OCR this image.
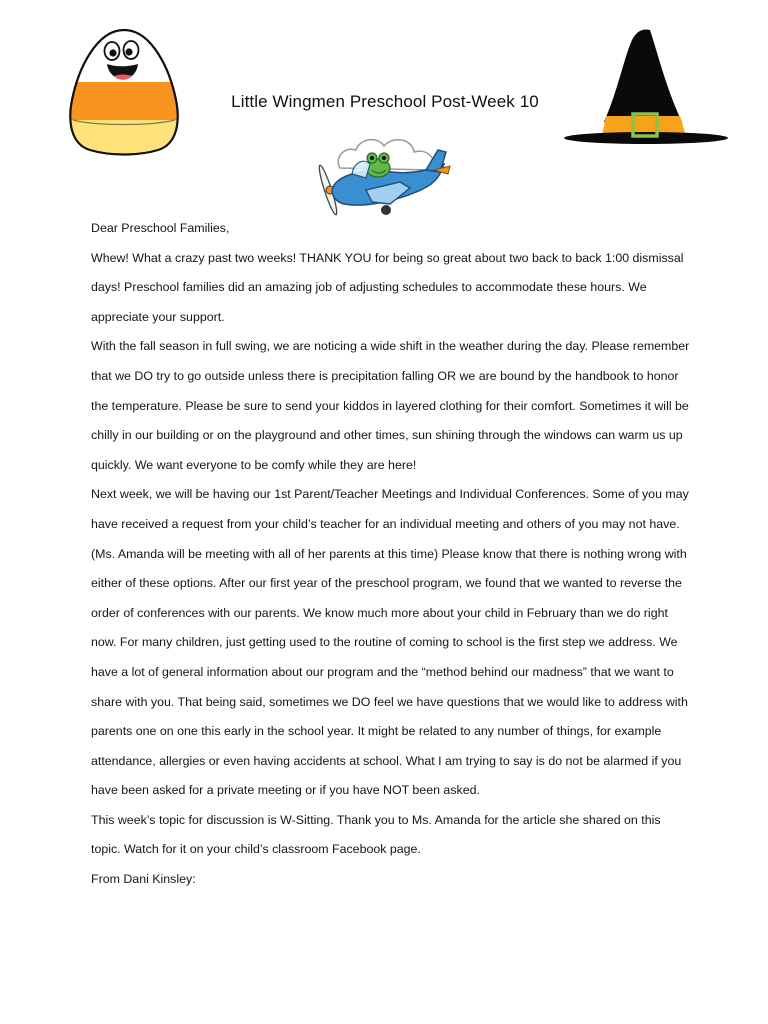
Little Wingmen Preschool Post-Week 10

Dear Preschool Families,

Whew! What a crazy past two weeks! THANK YOU for being so great about two back to back 1:00 dismissal days! Preschool families did an amazing job of adjusting schedules to accommodate these hours. We appreciate your support.

With the fall season in full swing, we are noticing a wide shift in the weather during the day. Please remember that we DO try to go outside unless there is precipitation falling OR we are bound by the handbook to honor the temperature. Please be sure to send your kiddos in layered clothing for their comfort. Sometimes it will be chilly in our building or on the playground and other times, sun shining through the windows can warm us up quickly. We want everyone to be comfy while they are here!

Next week, we will be having our 1st Parent/Teacher Meetings and Individual Conferences. Some of you may have received a request from your child’s teacher for an individual meeting and others of you may not have.(Ms. Amanda will be meeting with all of her parents at this time) Please know that there is nothing wrong with either of these options. After our first year of the preschool program, we found that we wanted to reverse the order of conferences with our parents. We know much more about your child in February than we do right now. For many children, just getting used to the routine of coming to school is the first step we address. We have a lot of general information about our program and the “method behind our madness” that we want to share with you. That being said, sometimes we DO feel we have questions that we would like to address with parents one on one this early in the school year. It might be related to any number of things, for example attendance, allergies or even having accidents at school. What I am trying to say is do not be alarmed if you have been asked for a private meeting or if you have NOT been asked.

This week’s topic for discussion is W-Sitting. Thank you to Ms. Amanda for the article she shared on this topic. Watch for it on your child’s classroom Facebook page.

From Dani Kinsley:
